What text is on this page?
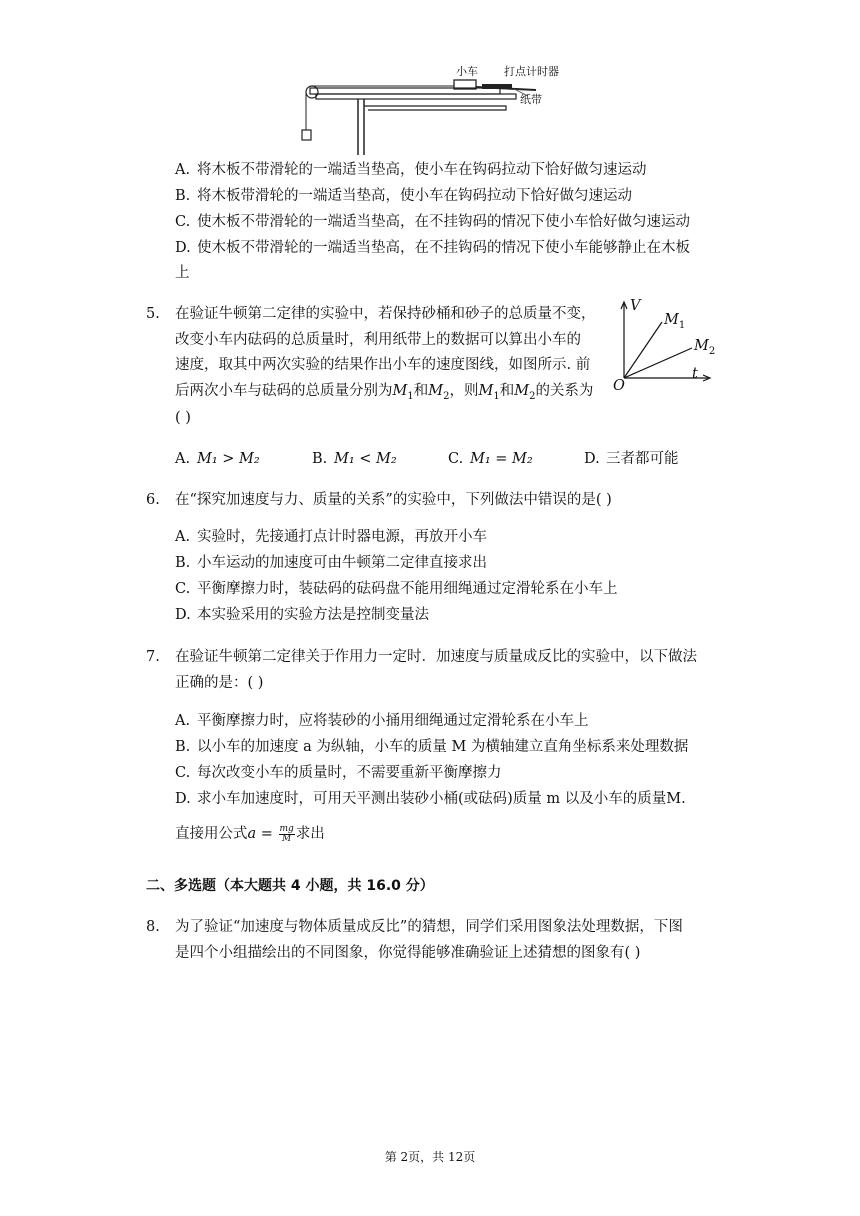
小车 打点计时器
纸带
A. 将木板不带滑轮的一端适当垫高，使小车在钩码拉动下恰好做匀速运动
B. 将木板带滑轮的一端适当垫高，使小车在钩码拉动下恰好做匀速运动
C. 使木板不带滑轮的一端适当垫高，在不挂钩码的情况下使小车恰好做匀速运动
D. 使木板不带滑轮的一端适当垫高，在不挂钩码的情况下使小车能够静止在木板
上
5. 在验证牛顿第二定律的实验中，若保持砂桶和砂子的总质量不变，
改变小车内砝码的总质量时，利用纸带上的数据可以算出小车的
速度，取其中两次实验的结果作出小车的速度图线，如图所示. 前
后两次小车与砝码的总质量分别为$M_1$和$M_2$，则$M_1$和$M_2$的关系为
( )
V
$M_1$
$M_2$
t
O
A. M₁ > M₂	B. M₁ < M₂	C. M₁ = M₂	D. 三者都可能
6. 在“探究加速度与力、质量的关系”的实验中，下列做法中错误的是( )
A. 实验时，先接通打点计时器电源，再放开小车
B. 小车运动的加速度可由牛顿第二定律直接求出
C. 平衡摩擦力时，装砝码的砝码盘不能用细绳通过定滑轮系在小车上
D. 本实验采用的实验方法是控制变量法
7. 在验证牛顿第二定律关于作用力一定时．加速度与质量成反比的实验中，以下做法
正确的是：( )
A. 平衡摩擦力时，应将装砂的小捅用细绳通过定滑轮系在小车上
B. 以小车的加速度 a 为纵轴，小车的质量 M 为横轴建立直角坐标系来处理数据
C. 每次改变小车的质量时，不需要重新平衡摩擦力
D. 求小车加速度时，可用天平测出装砂小桶(或砝码)质量 m 以及小车的质量M.
直接用公式$a = \frac{mg}{M}$ 求出
二、多选题（本大题共 4 小题，共 16.0 分）
8. 为了验证“加速度与物体质量成反比”的猜想，同学们采用图象法处理数据，下图
是四个小组描绘出的不同图象，你觉得能够准确验证上述猜想的图象有( )
第 2页，共 12页
